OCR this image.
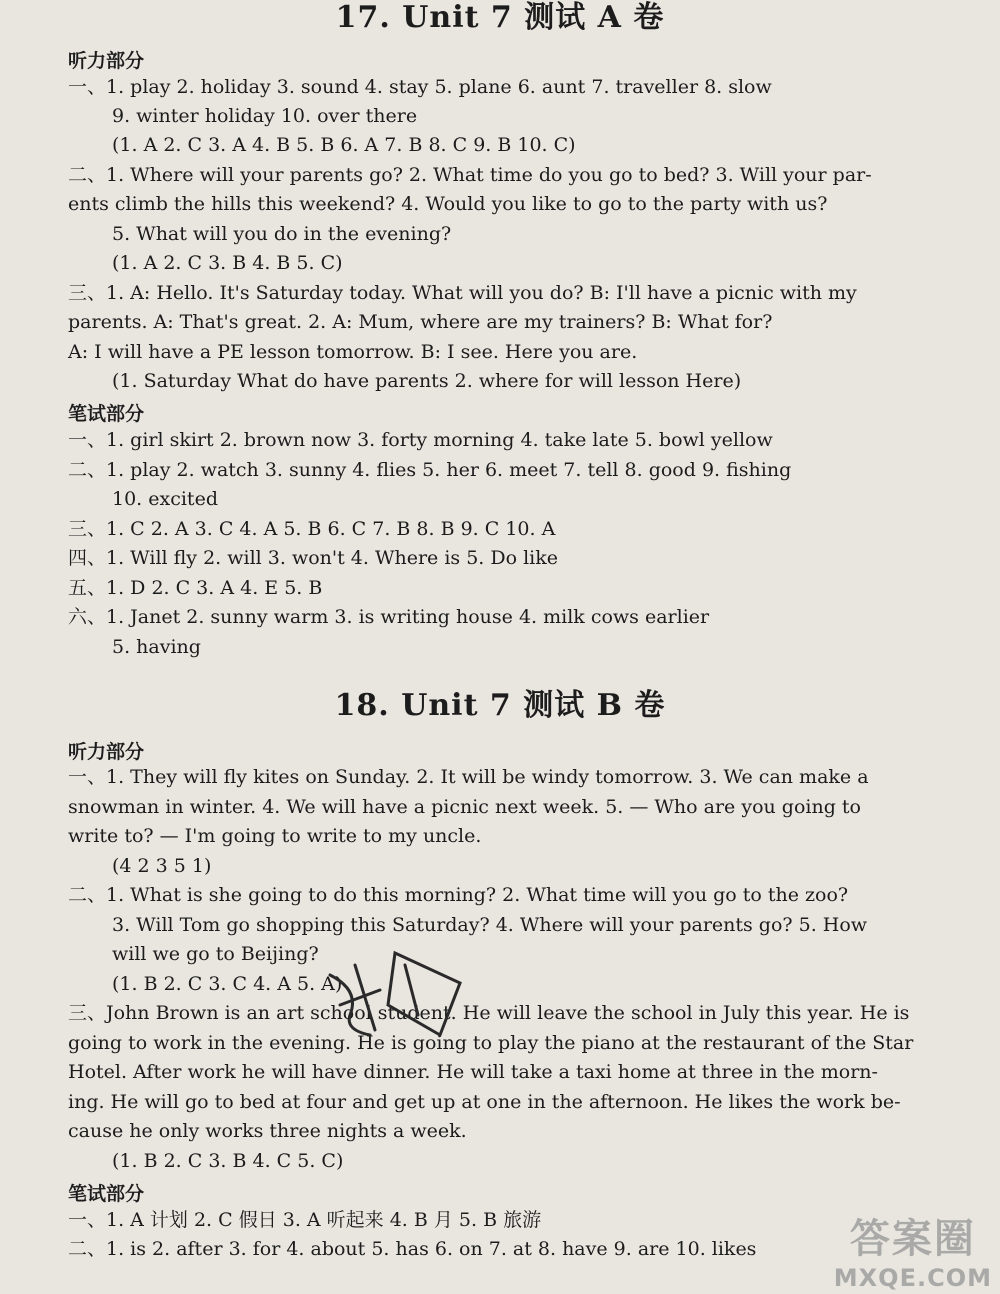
17. Unit 7 测试 A 卷
听力部分
一、1. play 2. holiday 3. sound 4. stay 5. plane 6. aunt 7. traveller 8. slow
9. winter holiday 10. over there
(1. A 2. C 3. A 4. B 5. B 6. A 7. B 8. C 9. B 10. C)
二、1. Where will your parents go? 2. What time do you go to bed? 3. Will your par-
ents climb the hills this weekend? 4. Would you like to go to the party with us?
5. What will you do in the evening?
(1. A 2. C 3. B 4. B 5. C)
三、1. A: Hello. It's Saturday today. What will you do? B: I'll have a picnic with my
parents. A: That's great. 2. A: Mum, where are my trainers? B: What for?
A: I will have a PE lesson tomorrow. B: I see. Here you are.
(1. Saturday What do have parents 2. where for will lesson Here)
笔试部分
一、1. girl skirt 2. brown now 3. forty morning 4. take late 5. bowl yellow
二、1. play 2. watch 3. sunny 4. flies 5. her 6. meet 7. tell 8. good 9. fishing
10. excited
三、1. C 2. A 3. C 4. A 5. B 6. C 7. B 8. B 9. C 10. A
四、1. Will fly 2. will 3. won't 4. Where is 5. Do like
五、1. D 2. C 3. A 4. E 5. B
六、1. Janet 2. sunny warm 3. is writing house 4. milk cows earlier
5. having
18. Unit 7 测试 B 卷
听力部分
一、1. They will fly kites on Sunday. 2. It will be windy tomorrow. 3. We can make a
snowman in winter. 4. We will have a picnic next week. 5. — Who are you going to
write to? — I'm going to write to my uncle.
(4 2 3 5 1)
二、1. What is she going to do this morning? 2. What time will you go to the zoo?
3. Will Tom go shopping this Saturday? 4. Where will your parents go? 5. How
will we go to Beijing?
(1. B 2. C 3. C 4. A 5. A)
三、John Brown is an art school student. He will leave the school in July this year. He is
going to work in the evening. He is going to play the piano at the restaurant of the Star
Hotel. After work he will have dinner. He will take a taxi home at three in the morn-
ing. He will go to bed at four and get up at one in the afternoon. He likes the work be-
cause he only works three nights a week.
(1. B 2. C 3. B 4. C 5. C)
笔试部分
一、1. A 计划 2. C 假日 3. A 听起来 4. B 月 5. B 旅游
二、1. is 2. after 3. for 4. about 5. has 6. on 7. at 8. have 9. are 10. likes	答案圈
MXQE.COM
